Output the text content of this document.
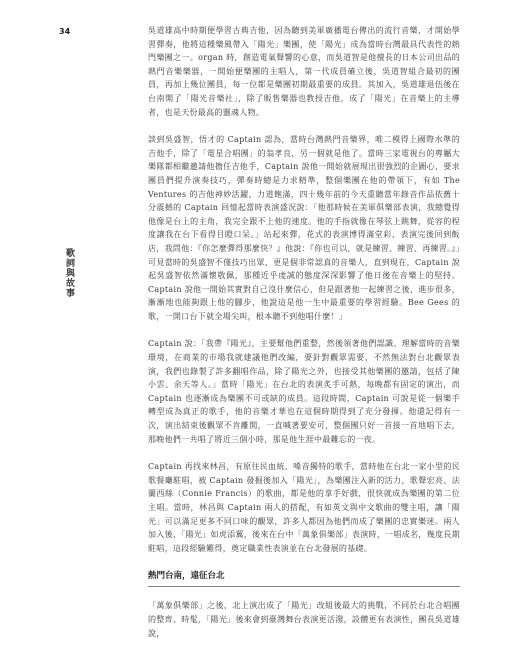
34
歌詞與故事

吳道雄高中時期便學習古典吉他，因為聽到美軍廣播電台傳出的流行音樂，才開始學習彈奏，他將這種樂風帶入「陽光」樂團，使「陽光」成為當時台灣最具代表性的熱門樂團之一。organ 時，創造電氣聲響的心意，而吳道智是他擅長的日本公司出品的熱門音樂樂器，一開始便樂團的主唱人，第一代成員確立後，吳道智組合最初的團員，再加上幾位團員，每一位都是樂團初期最重要的成員。其加入，吳道雄退伍後在台南開了「陽光音樂社」，除了販售樂器也教授吉他，成了「陽光」在音樂上的主導者，也是天份最高的靈魂人物。

談到吳盛智，悟才的 Captain 認為，當時台灣熱門音樂界，唯二模得上國際水準的吉他手，除了「電星合唱團」的翁孝良，另一個就是他了。當時三家電視台的專屬大樂隊都相繼邀請他擔任吉他手，Captain 說他一開始就展現出很強烈的企圖心，要求團員們提升演奏技巧，彈奏時總是力求精準，整個樂團在他的帶領下，有如 The Ventures 的吉他神妙活躍，力道飽滿，四十幾年前的今天重聽當年錄音作品依舊十分震撼的 Captain 回憶起當時表演盛況說：「他那時候在美軍俱樂部表演，我總覺得他像是台上的主角，我完全跟不上他的速度。他的手指就像在琴弦上跳舞，從容的程度讓我在台下看得目瞪口呆。」站起來彈，花式的表演博得滿堂彩，表演完後回到飯店，我問他：『你怎麼彈得那麼快？』他說：『你也可以，就是練習、練習、再練習。』」可見當時的吳盛智不僅技巧出眾，更是個非常認真的音樂人，直到現在，Captain 說起吳盛智依然滿懷敬佩，那種近乎虔誠的態度深深影響了他日後在音樂上的堅持。Captain 說他一開始其實對自己沒什麼信心，但是跟著他一起練習之後，進步很多，漸漸地也能夠跟上他的腳步，他說這是他一生中最重要的學習經驗。Bee Gees 的歌，一開口台下就全場尖叫，根本聽不到他唱什麼！」

Captain 說：「我帶『陽光』，主要幫他們重整，然後領著他們認識、理解當時的音樂環境，在商業的市場我就建議他們改編，要針對觀眾需要，不然無法對台北觀眾表演，我們也錄製了許多翻唱作品，除了陽光之外，也接受其他樂團的邀請，包括了陳小雲、余天等人。」當時「陽光」在台北的表演炙手可熱，每晚都有固定的演出，而 Captain 也逐漸成為樂團不可或缺的成員。這段時間，Captain 可說是從一個樂手轉型成為真正的歌手，他的音樂才華也在這個時期得到了充分發揮。他還記得有一次，演出結束後觀眾不肯離開，一直喊著要安可，整個團只好一首接一首地唱下去，那晚他們一共唱了將近三個小時，那是他生涯中最難忘的一夜。

Captain 再找來林昌，有原住民血統，嗓音獨特的歌手，當時他在台北一家小型的民歌餐廳駐唱，被 Captain 發掘後加入「陽光」，為樂團注入新的活力，歌聲宏亮、法蘭西絲（Connie Francis）的歌曲，都是他的拿手好戲，很快就成為樂團的第二位主唱。當時，林昌與 Captain 兩人的搭配，有如英文與中文歌曲的雙主唱，讓「陽光」可以滿足更多不同口味的觀眾，許多人都因為他們而成了樂團的忠實樂迷。兩人加入後，「陽光」如虎添翼，後來在台中「萬象俱樂部」表演時，一唱成名，幾度長期駐唱，這段經驗難得，奠定職業性表演並在台北發展的基礎。

熱門台南，遠征台北

「萬象俱樂部」之後，北上演出成了「陽光」改組後最大的挑戰，不同於台北合唱團的整齊、時髦，「陽光」後來會到臺灣舞台表演更活潑，設體更有表演性，團長吳道雄說，
